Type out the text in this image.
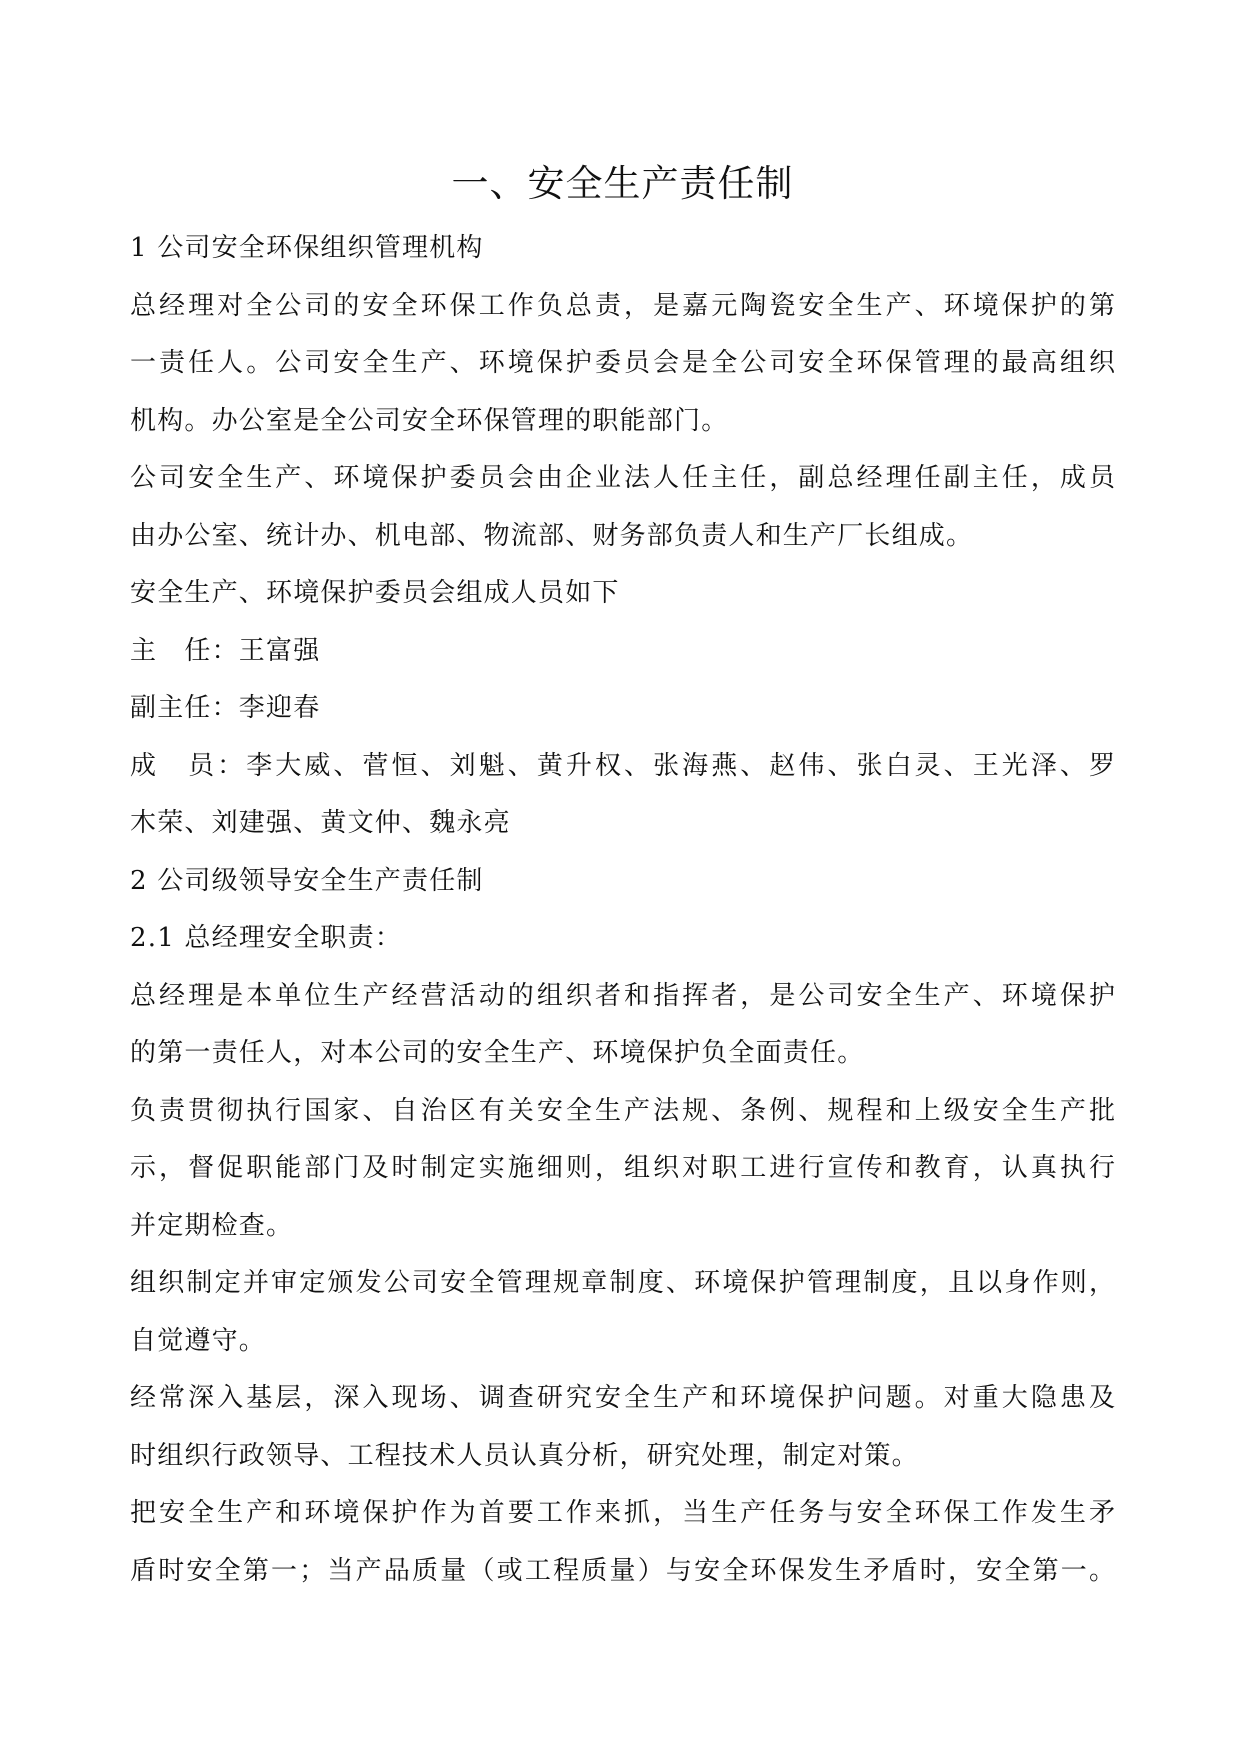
一、安全生产责任制

1 公司安全环保组织管理机构

总经理对全公司的安全环保工作负总责，是嘉元陶瓷安全生产、环境保护的第

一责任人。公司安全生产、环境保护委员会是全公司安全环保管理的最高组织

机构。办公室是全公司安全环保管理的职能部门。

公司安全生产、环境保护委员会由企业法人任主任，副总经理任副主任，成员

由办公室、统计办、机电部、物流部、财务部负责人和生产厂长组成。

安全生产、环境保护委员会组成人员如下

主　任：王富强

副主任：李迎春

成　员：李大威、菅恒、刘魁、黄升权、张海燕、赵伟、张白灵、王光泽、罗

木荣、刘建强、黄文仲、魏永亮

2 公司级领导安全生产责任制

2.1 总经理安全职责：

总经理是本单位生产经营活动的组织者和指挥者，是公司安全生产、环境保护

的第一责任人，对本公司的安全生产、环境保护负全面责任。

负责贯彻执行国家、自治区有关安全生产法规、条例、规程和上级安全生产批

示，督促职能部门及时制定实施细则，组织对职工进行宣传和教育，认真执行

并定期检查。

组织制定并审定颁发公司安全管理规章制度、环境保护管理制度，且以身作则，

自觉遵守。

经常深入基层，深入现场、调查研究安全生产和环境保护问题。对重大隐患及

时组织行政领导、工程技术人员认真分析，研究处理，制定对策。

把安全生产和环境保护作为首要工作来抓，当生产任务与安全环保工作发生矛

盾时安全第一；当产品质量（或工程质量）与安全环保发生矛盾时，安全第一。
